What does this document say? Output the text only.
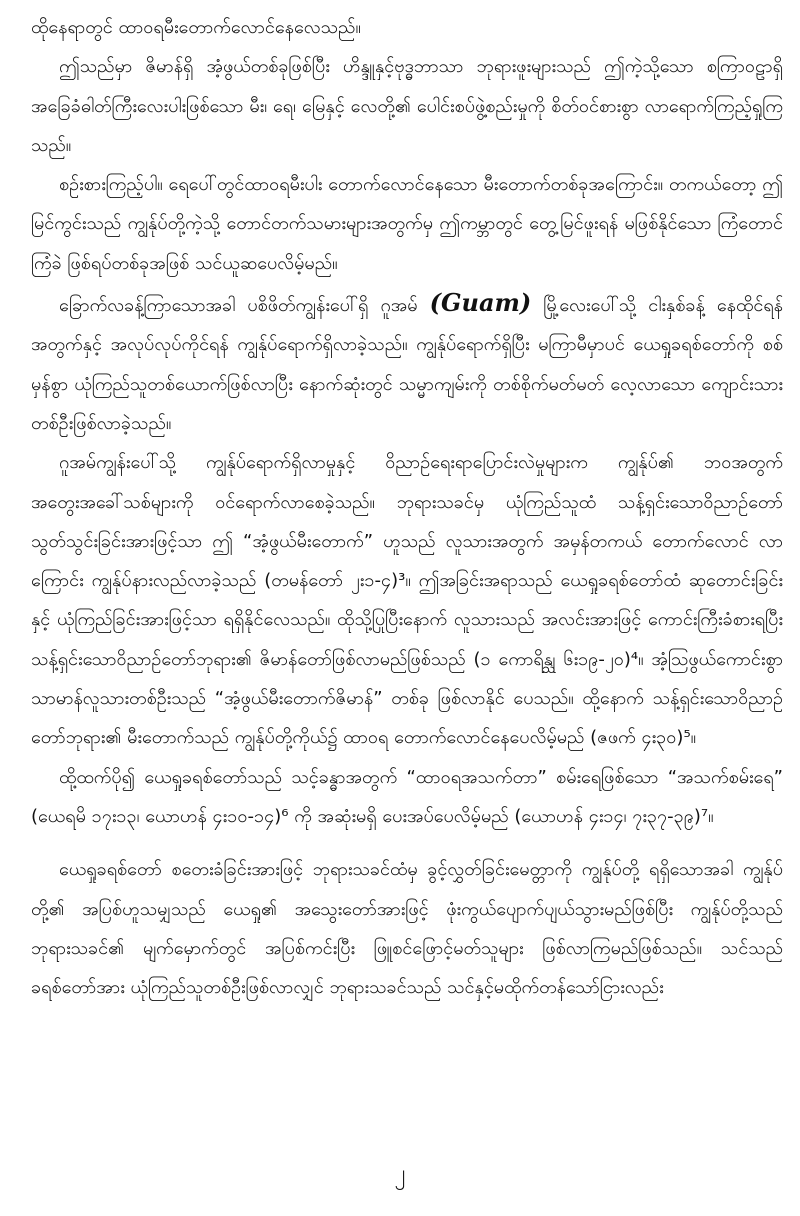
ထိုနေရာတွင် ထာဝရမီးတောက်လောင်နေလေသည်။

ဤသည်မှာ ဇိမာန်ရှိ အံ့ဖွယ်တစ်ခုဖြစ်ပြီး ဟိန္ဒူနှင့်ဗုဒ္ဓဘာသာ ဘုရားဖူးများသည် ဤကဲ့သို့သော စကြာဝဠာရှိ အခြေခံဓါတ်ကြီးလေးပါးဖြစ်သော မီး၊ ရေ၊ မြေနှင့် လေတို့၏ ပေါင်းစပ်ဖွဲ့စည်းမှုကို စိတ်ဝင်စားစွာ လာရောက်ကြည့်ရှုကြသည်။

စဉ်းစားကြည့်ပါ။ ရေပေါ်တွင်ထာဝရမီးပါး တောက်လောင်နေသော မီးတောက်တစ်ခုအကြောင်း။ တကယ်တော့ ဤမြင်ကွင်းသည် ကျွန်ုပ်တို့ကဲ့သို့ တောင်တက်သမားများအတွက်မှ ဤကမ္ဘာတွင် တွေ့မြင်ဖူးရန် မဖြစ်နိုင်သော ကြံတောင်ကြံခဲ ဖြစ်ရပ်တစ်ခုအဖြစ် သင်ယူဆပေလိမ့်မည်။

ခြောက်လခန့်ကြာသောအခါ ပစိဖိတ်ကျွန်းပေါ်ရှိ ဂူအမ် (Guam) မြို့လေးပေါ်သို့ ငါးနှစ်ခန့် နေထိုင်ရန်အတွက်နှင့် အလုပ်လုပ်ကိုင်ရန် ကျွန်ုပ်ရောက်ရှိလာခဲ့သည်။ ကျွန်ုပ်ရောက်ရှိပြီး မကြာမီမှာပင် ယေရှုခရစ်တော်ကို စစ်မှန်စွာ ယုံကြည်သူတစ်ယောက်ဖြစ်လာပြီး နောက်ဆုံးတွင် သမ္မာကျမ်းကို တစ်စိုက်မတ်မတ် လေ့လာသော ကျောင်းသားတစ်ဦးဖြစ်လာခဲ့သည်။

ဂူအမ်ကျွန်းပေါ်သို့ ကျွန်ုပ်ရောက်ရှိလာမှုနှင့် ဝိညာဉ်ရေးရာပြောင်းလဲမှုများက ကျွန်ုပ်၏ ဘဝအတွက် အတွေးအခေါ်သစ်များကို ဝင်ရောက်လာစေခဲ့သည်။ ဘုရားသခင်မှ ယုံကြည်သူထံ သန့်ရှင်းသောဝိညာဉ်တော် သွတ်သွင်းခြင်းအားဖြင့်သာ ဤ “အံ့ဖွယ်မီးတောက်” ဟူသည် လူသားအတွက် အမှန်တကယ် တောက်လောင် လာကြောင်း ကျွန်ုပ်နားလည်လာခဲ့သည် (တမန်တော် ၂း၁-၄)³။ ဤအခြင်းအရာသည် ယေရှုခရစ်တော်ထံ ဆုတောင်းခြင်းနှင့် ယုံကြည်ခြင်းအားဖြင့်သာ ရရှိနိုင်လေသည်။ ထိုသို့ပြုပြီးနောက် လူသားသည် အလင်းအားဖြင့် ကောင်းကြီးခံစားရပြီး သန့်ရှင်းသောဝိညာဉ်တော်ဘုရား၏ ဇိမာန်တော်ဖြစ်လာမည်ဖြစ်သည် (၁ ကောရိန္သု ၆း၁၉-၂၀)⁴။ အံ့သြဖွယ်ကောင်းစွာ သာမာန်လူသားတစ်ဦးသည် “အံ့ဖွယ်မီးတောက်ဇိမာန်” တစ်ခု ဖြစ်လာနိုင် ပေသည်။ ထို့နောက် သန့်ရှင်းသောဝိညာဉ်တော်ဘုရား၏ မီးတောက်သည် ကျွန်ုပ်တို့ကိုယ်၌ ထာဝရ တောက်လောင်နေပေလိမ့်မည် (ဇဖက် ၄း၃၀)⁵။

ထို့ထက်ပို၍ ယေရှုခရစ်တော်သည် သင့်ခန္ဓာအတွက် “ထာဝရအသက်တာ” စမ်းရေဖြစ်သော “အသက်စမ်းရေ” (ယေရမိ ၁၇း၁၃၊ ယောဟန် ၄း၁၀-၁၄)⁶ ကို အဆုံးမရှိ ပေးအပ်ပေလိမ့်မည် (ယောဟန် ၄း၁၄၊ ၇း၃၇-၃၉)⁷။

ယေရှုခရစ်တော် စတေးခံခြင်းအားဖြင့် ဘုရားသခင်ထံမှ ခွင့်လွှတ်ခြင်းမေတ္တာကို ကျွန်ုပ်တို့ ရရှိသောအခါ ကျွန်ုပ်တို့၏ အပြစ်ဟူသမျှသည် ယေရှု၏ အသွေးတော်အားဖြင့် ဖုံးကွယ်ပျောက်ပျယ်သွားမည်ဖြစ်ပြီး ကျွန်ုပ်တို့သည် ဘုရားသခင်၏ မျက်မှောက်တွင် အပြစ်ကင်းပြီး ဖြူစင်ဖြောင့်မတ်သူများ ဖြစ်လာကြမည်ဖြစ်သည်။ သင်သည် ခရစ်တော်အား ယုံကြည်သူတစ်ဦးဖြစ်လာလျှင် ဘုရားသခင်သည် သင်နှင့်မထိုက်တန်သော်ငြားလည်း

၂
